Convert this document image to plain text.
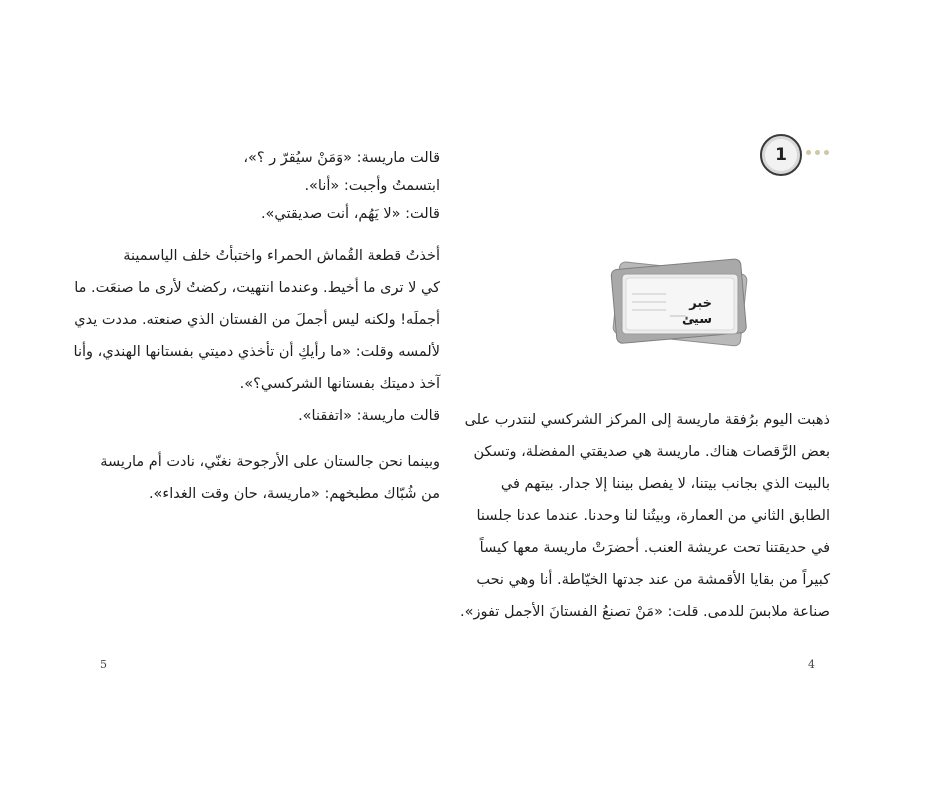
قالت ماريسة: «وَمَنْ سيُقرّ ر ؟»،
ابتسمتُ وأجبت: «أنا».
قالت: «لا يَهُم، أنت صديقتي».
أخذتُ قطعة القُماش الحمراء واختبأتُ خلف الياسمينة
كي لا ترى ما أخيط. وعندما انتهيت، ركضتُ لأرى ما صنعَت. ما
أجملَه! ولكنه ليس أجملَ من الفستان الذي صنعته. مددت يدي
لألمسه وقلت: «ما رأيكِ أن تأخذي دميتي بفستانها الهندي، وأنا
آخذ دميتك بفستانها الشركسي؟».
قالت ماريسة: «اتفقنا».
وبينما نحن جالستان على الأرجوحة نغنّي، نادت أم ماريسة
من شُبّاك مطبخهم: «ماريسة، حان وقت الغداء».
5
1
خبر
سيئ
ذهبت اليوم برُفقة ماريسة إلى المركز الشركسي لنتدرب على
بعض الرَّقصات هناك. ماريسة هي صديقتي المفضلة، وتسكن
بالبيت الذي بجانب بيتنا، لا يفصل بيننا إلا جدار. بيتهم في
الطابق الثاني من العمارة، وبيتُنا لنا وحدنا. عندما عدنا جلسنا
في حديقتنا تحت عريشة العنب. أحضرَتْ ماريسة معها كيساً
كبيراً من بقايا الأقمشة من عند جدتها الخيّاطة. أنا وهي نحب
صناعة ملابسَ للدمى. قلت: «مَنْ تصنعُ الفستانَ الأجمل تفوز».
4
